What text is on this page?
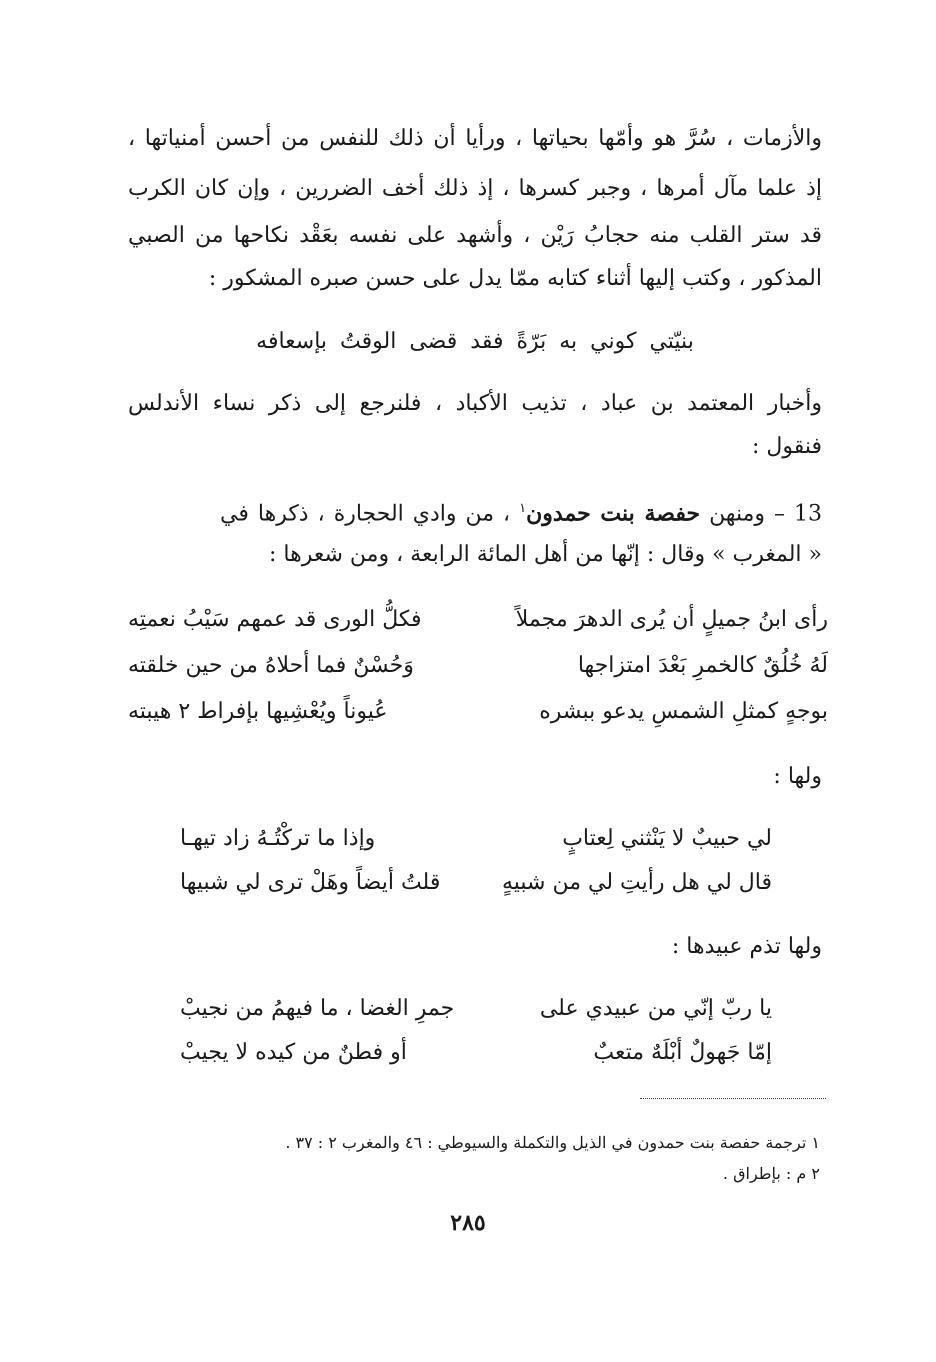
والأزمات ، سُرَّ هو وأمّها بحياتها ، ورأيا أن ذلك للنفس من أحسن أمنياتها ،
إذ علما مآل أمرها ، وجبر كسرها ، إذ ذلك أخف الضررين ، وإن كان الكرب
قد ستر القلب منه حجابُ رَيْن ، وأشهد على نفسه بعَقْد نكاحها من الصبي
المذكور ، وكتب إليها أثناء كتابه ممّا يدل على حسن صبره المشكور :
بنيّتي كوني به بَرّةً فقد قضى الوقتُ بإسعافه
وأخبار المعتمد بن عباد ، تذيب الأكباد ، فلنرجع إلى ذكر نساء الأندلس
فنقول :
13 – ومنهن حفصة بنت حمدون$^١$ ، من وادي الحجارة ، ذكرها في
« المغرب » وقال : إنّها من أهل المائة الرابعة ، ومن شعرها :
رأى ابنُ جميلٍ أن يُرى الدهرَ مجملاً
فكلُّ الورى قد عمهم سَيْبُ نعمتِه
لَهُ خُلُقٌ كالخمرِ بَعْدَ امتزاجها
وَحُسْنٌ فما أحلاهُ من حين خلقته
بوجهٍ كمثلِ الشمسِ يدعو ببشره
عُيوناً ويُعْشِيها بإفراط ٢ هيبته
ولها :
لي حبيبٌ لا يَنْثني لِعتابٍ
وإذا ما تركْتُـهُ زاد تيهـا
قال لي هل رأيتِ لي من شبيهٍ
قلتُ أيضاً وهَلْ ترى لي شبيها
ولها تذم عبيدها :
يا ربّ إنّي من عبيدي على
جمرِ الغضا ، ما فيهمُ من نجيبْ
إمّا جَهولٌ أبْلَهٌ متعبٌ
أو فطنٌ من كيده لا يجيبْ
١ ترجمة حفصة بنت حمدون في الذيل والتكملة والسيوطي : ٤٦ والمغرب ٢ : ٣٧ .
٢ م : بإطراق .
٢٨٥
